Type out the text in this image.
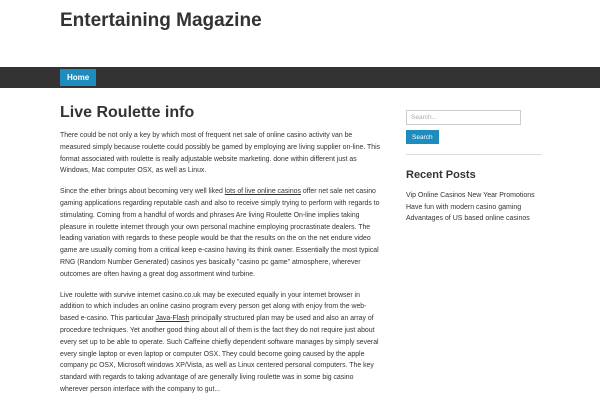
Entertaining Magazine
Home
Live Roulette info

There could be not only a key by which most of frequent net sale of online casino activity van be measured simply because roulette could possibly be gamed by employing are living supplier on-line. This format associated with roulette is really adjustable website marketing. done within different just as Windows, Mac computer OSX, as well as Linux.

Since the ether brings about becoming very well liked lots of live online casinos offer net sale net casino gaming applications regarding reputable cash and also to receive simply trying to perform with regards to stimulating. Coming from a handful of words and phrases Are living Roulette On-line implies taking pleasure in roulette internet through your own personal machine employing procrastinate dealers. The leading variation with regards to these people would be that the results on the on the net endure video game are usually coming from a critical keep e-casino having its think owner. Essentially the most typical RNG (Random Number Generated) casinos yes basically "casino pc game" atmosphere, wherever outcomes are often having a great dog assortment wind turbine.

Live roulette with survive internet casino.co.uk may be executed equally in your internet browser in addition to which includes an online casino program every person get along with enjoy from the web-based e-casino. This particular Java-Flash principally structured plan may be used and also an array of procedure techniques. Yet another good thing about all of them is the fact they do not require just about every set up to be able to operate. Such Caffeine chiefly dependent software manages by simply several every single laptop or even laptop or computer OSX. They could become going caused by the apple company pc OSX, Microsoft windows XP/Vista, as well as Linux centered personal computers. The key standard with regards to taking advantage of are generally living roulette was in some big casino wherever person interface with the company to gut...

Search...
Search
Recent Posts
Vip Online Casinos New Year Promotions
Have fun with modern casino gaming
Advantages of US based online casinos
